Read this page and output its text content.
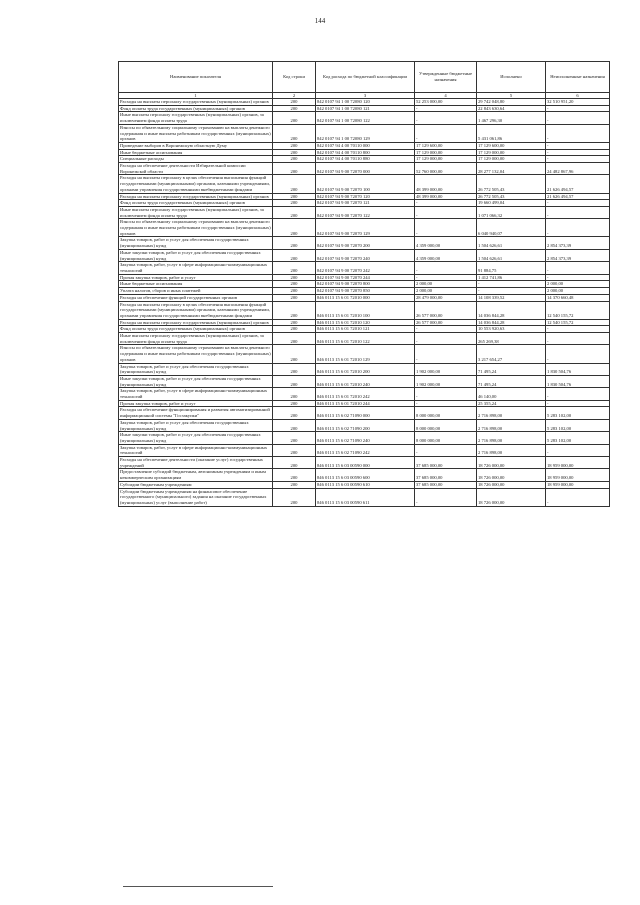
144
Наименование показателя	Код строки	Код расхода по бюджетной классификации	Утвержденные бюджетные назначения	Исполнено	Неисполненные назначения
1	2	3	4	5	6
Расходы на выплаты персоналу государственных (муниципальных) органов	200	842 0107 94 1 00 72080 120	52 253 000,00	29 742 048,80	32 510 951,20
Фонд оплаты труда государственных (муниципальных) органов	200	842 0107 94 1 00 72080 121	-	22 843 630,64	-
Иные выплаты персоналу государственных (муниципальных) органов, за исключением фонда оплаты труда	200	842 0107 94 1 00 72080 122	-	1 467 296,30	-
Взносы по обязательному социальному страхованию на выплаты денежного содержания и иные выплаты работникам государственных (муниципальных) органов	200	842 0107 94 1 00 72080 129	-	5 431 061,86	-
Проведение выборов в Воронежскую областную Думу	200	842 0107 94 4 00 70110 000	17 129 600,00	17 129 600,00	-
Иные бюджетные ассигнования	200	842 0107 94 4 00 70110 800	17 129 000,00	17 129 000,00	-
Специальные расходы	200	842 0107 94 4 00 70110 880	17 129 000,00	17 129 000,00	-
Расходы на обеспечение деятельности Избирательной комиссии Воронежской области	200	842 0107 94 9 00 72070 000	52 760 000,00	28 277 132,04	24 482 867,96
Расходы на выплаты персоналу в целях обеспечения выполнения функций государственными (муниципальными) органами, казенными учреждениями, органами управления государственными внебюджетными фондами	200	842 0107 94 9 00 72070 100	48 399 000,00	26 772 505,43	21 626 494,57
Расходы на выплаты персоналу государственных (муниципальных) органов	200	842 0107 94 9 00 72070 120	48 399 000,00	26 772 505,43	21 626 494,57
Фонд оплаты труда государственных (муниципальных) органов	200	842 0107 94 9 00 72070 121	-	19 660 499,04	-
Иные выплаты персоналу государственных (муниципальных) органов, за исключением фонда оплаты труда	200	842 0107 94 9 00 72070 122	-	1 071 066,32	-
Взносы по обязательному социальному страхованию на выплаты денежного содержания и иные выплаты работникам государственных (муниципальных) органов	200	842 0107 94 9 00 72070 129	-	6 040 940,07	-
Закупка товаров, работ и услуг для обеспечения государственных (муниципальных) нужд	200	842 0107 94 9 00 72070 200	4 359 000,00	1 504 626,61	2 854 373,39
Иные закупки товаров, работ и услуг для обеспечения государственных (муниципальных) нужд	200	842 0107 94 9 00 72070 240	4 359 000,00	1 504 626,61	2 854 373,39
Закупка товаров, работ, услуг в сфере информационно-коммуникационных технологий	200	842 0107 94 9 00 72070 242	-	91 884,75	-
Прочая закупка товаров, работ и услуг	200	842 0107 94 9 00 72070 244	-	1 412 741,86	-
Иные бюджетные ассигнования	200	842 0107 94 9 00 72070 800	2 000,00	-	2 000,00
Уплата налогов, сборов и иных платежей	200	842 0107 94 9 00 72070 850	2 000,00	-	2 000,00
Расходы на обеспечение функций государственных органов	200	846 0113 15 6 01 72010 000	28 479 000,00	14 108 339,52	14 370 660,48
Расходы на выплаты персоналу в целях обеспечения выполнения функций государственными (муниципальными) органами, казенными учреждениями, органами управления государственными внебюджетными фондами	200	846 0113 15 6 01 72010 100	26 577 000,00	14 036 844,28	12 540 155,72
Расходы на выплаты персоналу государственных (муниципальных) органов	200	846 0113 15 6 01 72010 120	26 577 000,00	14 036 844,28	12 540 155,72
Фонд оплаты труда государственных (муниципальных) органов	200	846 0113 15 6 01 72010 121	-	10 553 920,63	-
Иные выплаты персоналу государственных (муниципальных) органов, за исключением фонда оплаты труда	200	846 0113 15 6 01 72010 122	-	265 269,38	-
Взносы по обязательному социальному страхованию на выплаты денежного содержания и иные выплаты работникам государственных (муниципальных) органов	200	846 0113 15 6 01 72010 129	-	3 217 654,27	-
Закупка товаров, работ и услуг для обеспечения государственных (муниципальных) нужд	200	846 0113 15 6 01 72010 200	1 902 000,00	71 495,24	1 830 504,76
Иные закупки товаров, работ и услуг для обеспечения государственных (муниципальных) нужд	200	846 0113 15 6 01 72010 240	1 902 000,00	71 495,24	1 830 504,76
Закупка товаров, работ, услуг в сфере информационно-коммуникационных технологий	200	846 0113 15 6 01 72010 242	-	46 140,00	-
Прочая закупка товаров, работ и услуг	200	846 0113 15 6 01 72010 244	-	25 355,24	-
Расходы на обеспечение функционирования и развития автоматизированной информационной системы "Госзакупки"	200	846 0113 15 6 02 71090 000	8 000 000,00	2 716 898,00	5 283 102,00
Закупка товаров, работ и услуг для обеспечения государственных (муниципальных) нужд	200	846 0113 15 6 02 71090 200	8 000 000,00	2 716 898,00	5 283 102,00
Иные закупки товаров, работ и услуг для обеспечения государственных (муниципальных) нужд	200	846 0113 15 6 02 71090 240	8 000 000,00	2 716 898,00	5 283 102,00
Закупка товаров, работ, услуг в сфере информационно-коммуникационных технологий	200	846 0113 15 6 02 71090 242	-	2 716 898,00	-
Расходы на обеспечение деятельности (оказание услуг) государственных учреждений	200	846 0113 15 6 03 00590 000	37 685 000,00	18 726 000,00	18 959 000,00
Предоставление субсидий бюджетным, автономным учреждениям и иным некоммерческим организациям	200	846 0113 15 6 03 00590 600	37 685 000,00	18 726 000,00	18 959 000,00
Субсидии бюджетным учреждениям	200	846 0113 15 6 03 00590 610	37 685 000,00	18 726 000,00	18 959 000,00
Субсидии бюджетным учреждениям на финансовое обеспечение государственного (муниципального) задания на оказание государственных (муниципальных) услуг (выполнение работ)	200	846 0113 15 6 03 00590 611	-	18 726 000,00	-
